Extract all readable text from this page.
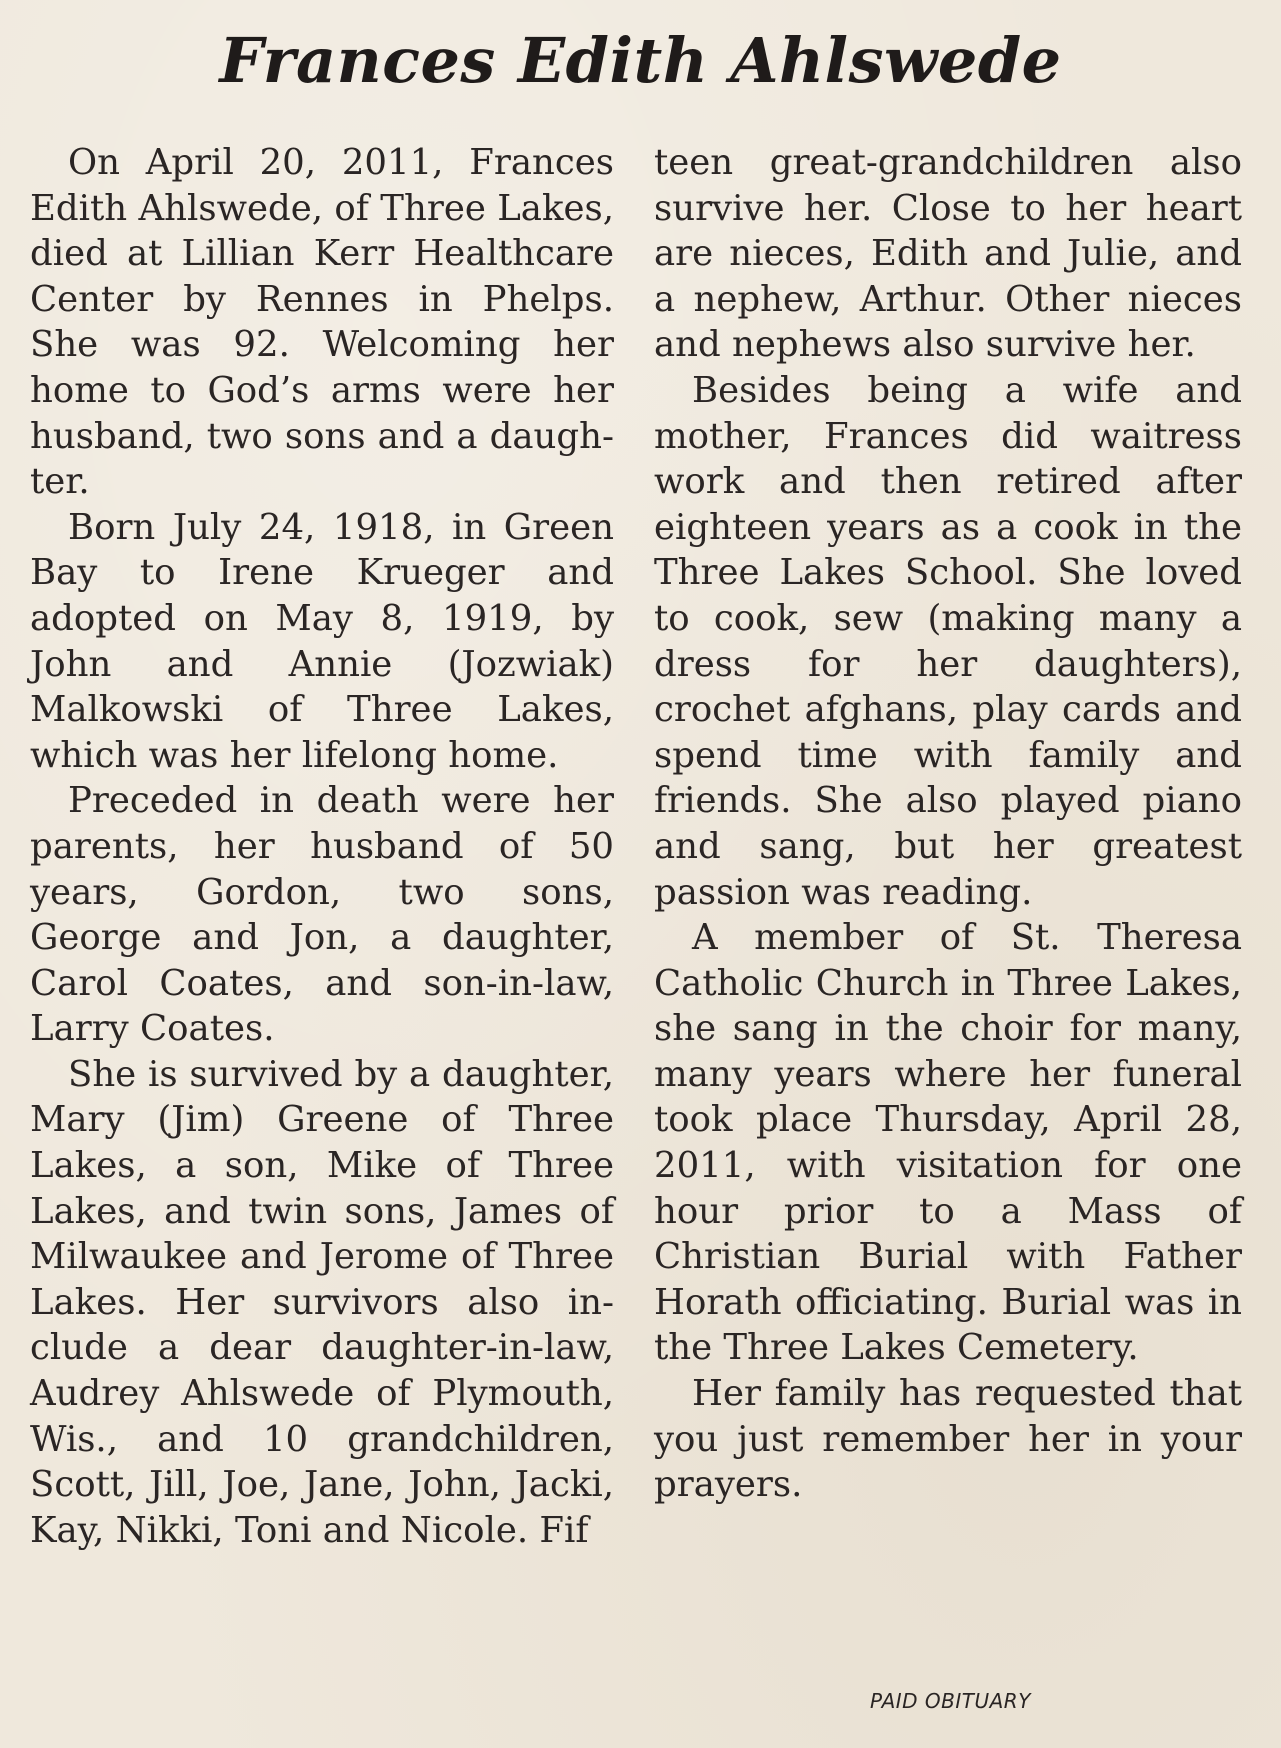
Frances Edith Ahlswede

On April 20, 2011, Frances Edith Ahlswede, of Three Lakes, died at Lillian Kerr Healthcare Center by Rennes in Phelps. She was 92. Welcoming her home to God’s arms were her husband, two sons and a daughter.

Born July 24, 1918, in Green Bay to Irene Krueger and adopted on May 8, 1919, by John and Annie (Jozwiak) Malkowski of Three Lakes, which was her lifelong home.

Preceded in death were her parents, her husband of 50 years, Gordon, two sons, George and Jon, a daughter, Carol Coates, and son-in-law, Larry Coates.

She is survived by a daughter, Mary (Jim) Greene of Three Lakes, a son, Mike of Three Lakes, and twin sons, James of Milwaukee and Jerome of Three Lakes. Her survivors also include a dear daughter-in-law, Audrey Ahlswede of Plymouth, Wis., and 10 grandchildren, Scott, Jill, Joe, Jane, John, Jacki, Kay, Nikki, Toni and Nicole. Fif

teen great-grandchildren also survive her. Close to her heart are nieces, Edith and Julie, and a nephew, Arthur. Other nieces and nephews also survive her.

Besides being a wife and mother, Frances did waitress work and then retired after eighteen years as a cook in the Three Lakes School. She loved to cook, sew (making many a dress for her daughters), crochet afghans, play cards and spend time with family and friends. She also played piano and sang, but her greatest passion was reading.

A member of St. Theresa Catholic Church in Three Lakes, she sang in the choir for many, many years where her funeral took place Thursday, April 28, 2011, with visitation for one hour prior to a Mass of Christian Burial with Father Horath officiating. Burial was in the Three Lakes Cemetery.

Her family has requested that you just remember her in your prayers.

PAID OBITUARY
